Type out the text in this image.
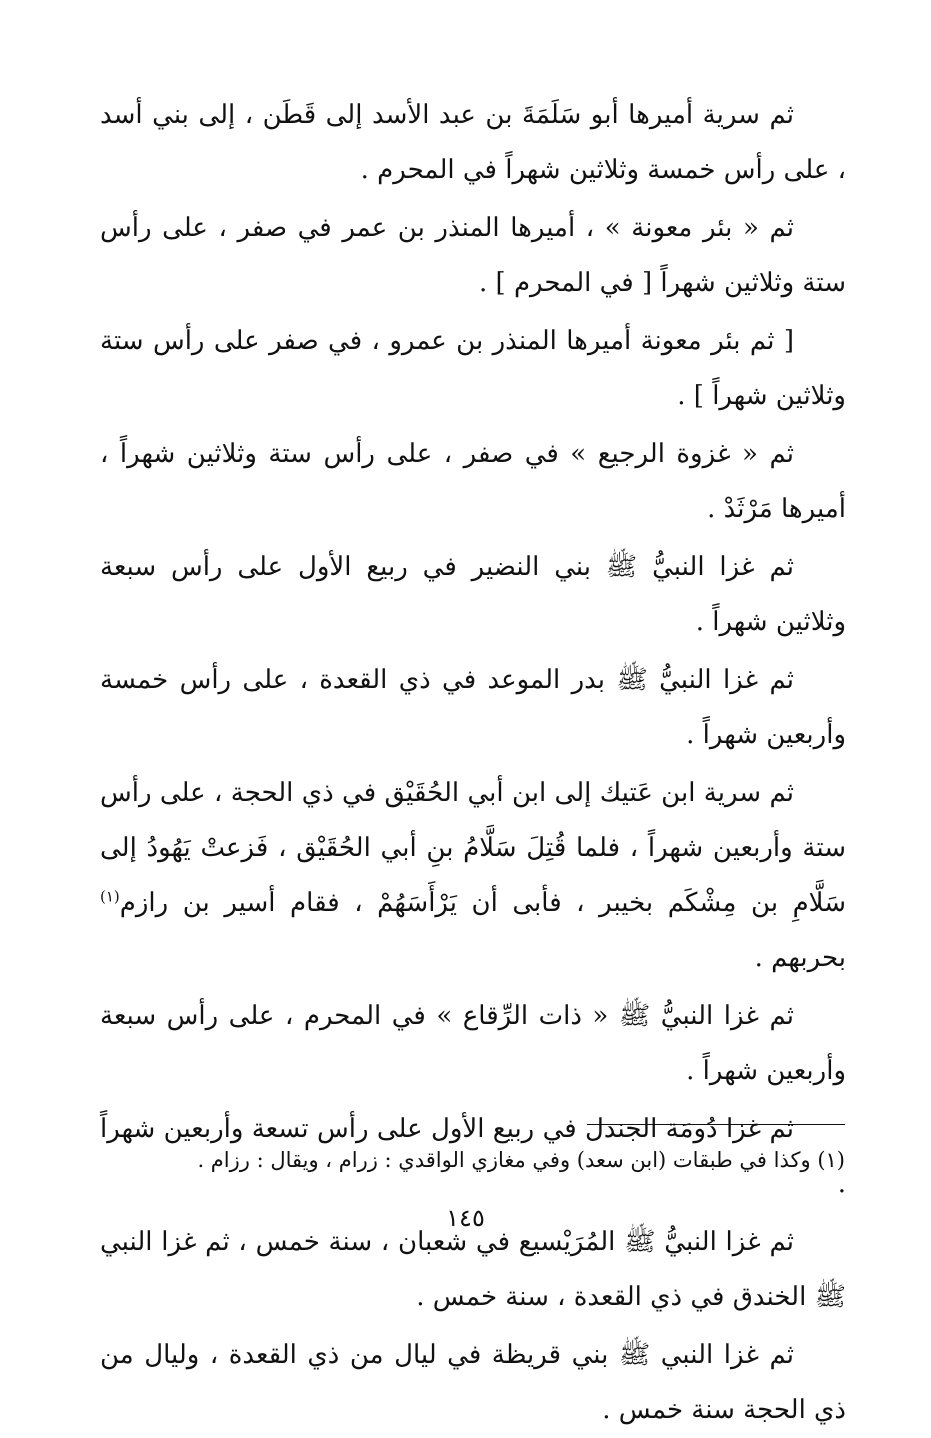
ثم سرية أميرها أبو سَلَمَةَ بن عبد الأسد إلى قَطَن ، إلى بني أسد ، على رأس خمسة وثلاثين شهراً في المحرم .

ثم « بئر معونة » ، أميرها المنذر بن عمر في صفر ، على رأس ستة وثلاثين شهراً [ في المحرم ] .

[ ثم بئر معونة أميرها المنذر بن عمرو ، في صفر على رأس ستة وثلاثين شهراً ] .

ثم « غزوة الرجيع » في صفر ، على رأس ستة وثلاثين شهراً ، أميرها مَرْثَدْ .

ثم غزا النبيُّ ﷺ بني النضير في ربيع الأول على رأس سبعة وثلاثين شهراً .

ثم غزا النبيُّ ﷺ بدر الموعد في ذي القعدة ، على رأس خمسة وأربعين شهراً .

ثم سرية ابن عَتيك إلى ابن أبي الحُقَيْق في ذي الحجة ، على رأس ستة وأربعين شهراً ، فلما قُتِلَ سَلَّامُ بنِ أبي الحُقَيْق ، فَزعتْ يَهُودُ إلى سَلَّامِ بن مِشْكَم بخيبر ، فأبى أن يَرْأَسَهُمْ ، فقام أسير بن رازم$^{(١)}$ بحربهم .

ثم غزا النبيُّ ﷺ « ذات الرِّقاع » في المحرم ، على رأس سبعة وأربعين شهراً .

ثم غزا دُومَة الجندل في ربيع الأول على رأس تسعة وأربعين شهراً .

ثم غزا النبيُّ ﷺ المُرَيْسيع في شعبان ، سنة خمس ، ثم غزا النبي ﷺ الخندق في ذي القعدة ، سنة خمس .

ثم غزا النبي ﷺ بني قريظة في ليال من ذي القعدة ، وليال من ذي الحجة سنة خمس .

(١) وكذا في طبقات (ابن سعد) وفي مغازي الواقدي : زرام ، ويقال : رزام .
١٤٥
